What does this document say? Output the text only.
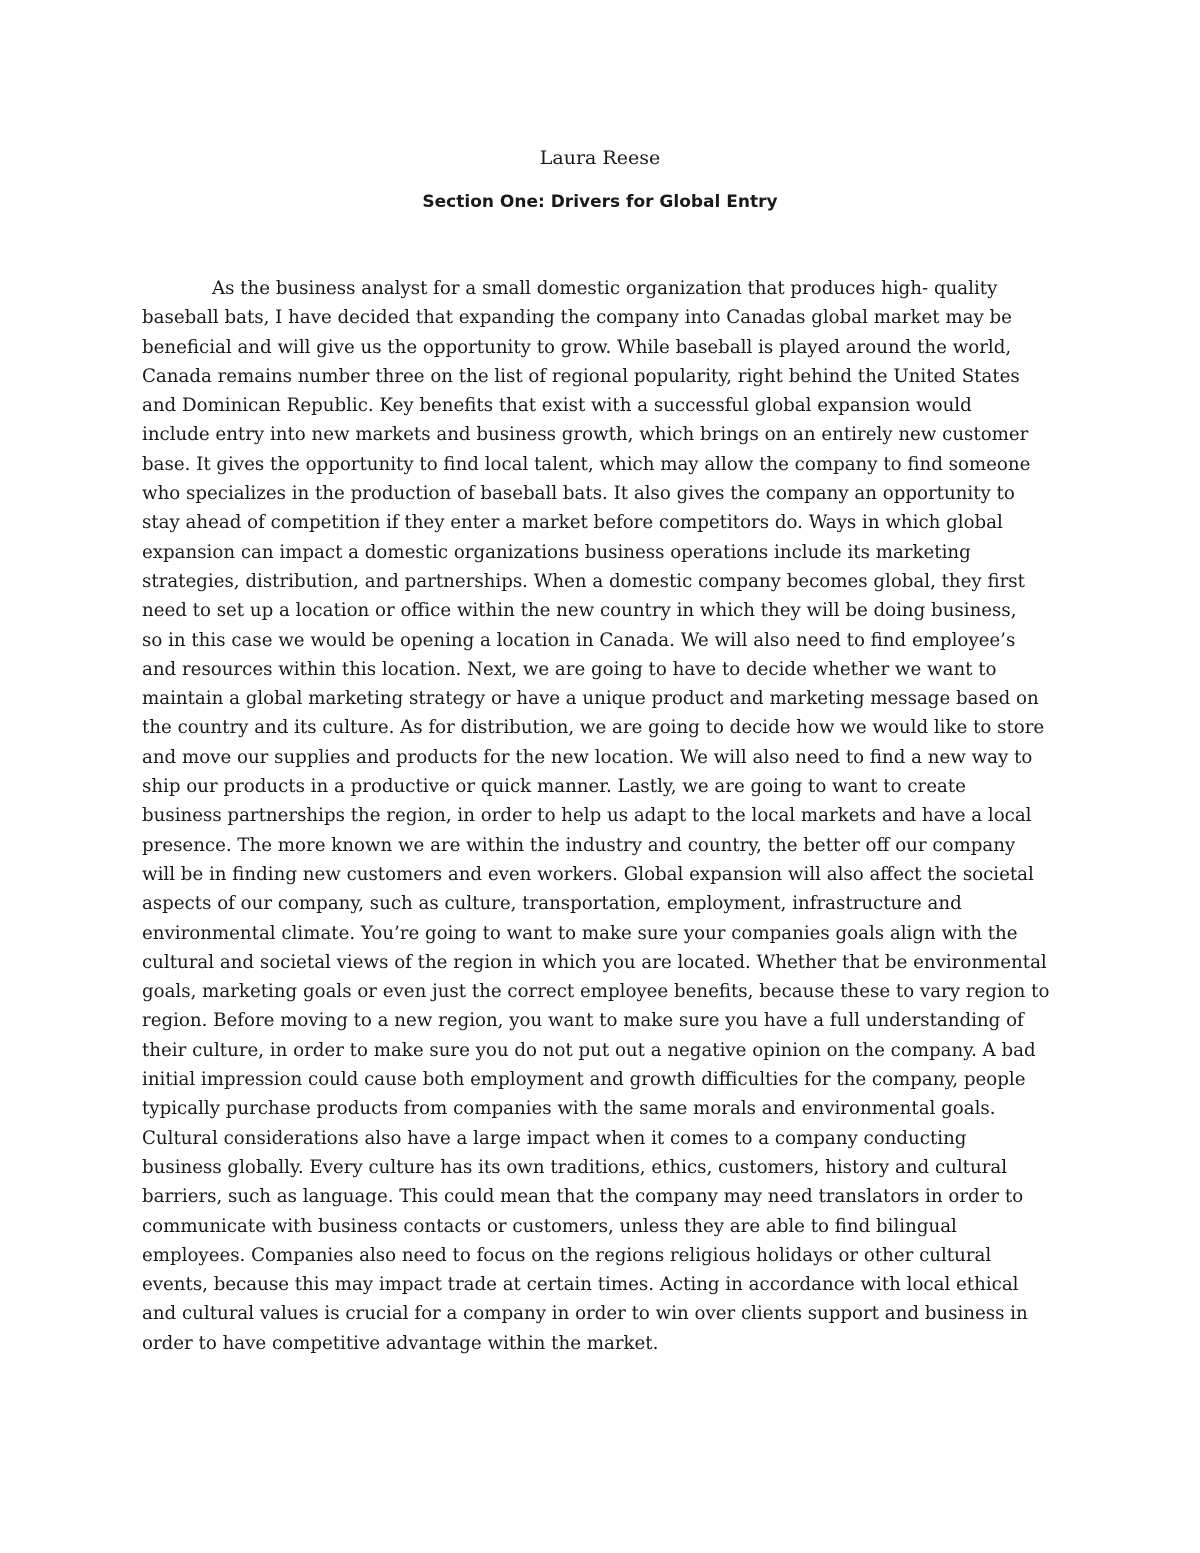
Laura Reese

Section One: Drivers for Global Entry

As the business analyst for a small domestic organization that produces high- quality
baseball bats, I have decided that expanding the company into Canadas global market may be
beneficial and will give us the opportunity to grow. While baseball is played around the world,
Canada remains number three on the list of regional popularity, right behind the United States
and Dominican Republic. Key benefits that exist with a successful global expansion would
include entry into new markets and business growth, which brings on an entirely new customer
base. It gives the opportunity to find local talent, which may allow the company to find someone
who specializes in the production of baseball bats. It also gives the company an opportunity to
stay ahead of competition if they enter a market before competitors do. Ways in which global
expansion can impact a domestic organizations business operations include its marketing
strategies, distribution, and partnerships. When a domestic company becomes global, they first
need to set up a location or office within the new country in which they will be doing business,
so in this case we would be opening a location in Canada. We will also need to find employee’s
and resources within this location. Next, we are going to have to decide whether we want to
maintain a global marketing strategy or have a unique product and marketing message based on
the country and its culture. As for distribution, we are going to decide how we would like to store
and move our supplies and products for the new location. We will also need to find a new way to
ship our products in a productive or quick manner. Lastly, we are going to want to create
business partnerships the region, in order to help us adapt to the local markets and have a local
presence. The more known we are within the industry and country, the better off our company
will be in finding new customers and even workers. Global expansion will also affect the societal
aspects of our company, such as culture, transportation, employment, infrastructure and
environmental climate. You’re going to want to make sure your companies goals align with the
cultural and societal views of the region in which you are located. Whether that be environmental
goals, marketing goals or even just the correct employee benefits, because these to vary region to
region. Before moving to a new region, you want to make sure you have a full understanding of
their culture, in order to make sure you do not put out a negative opinion on the company. A bad
initial impression could cause both employment and growth difficulties for the company, people
typically purchase products from companies with the same morals and environmental goals.
Cultural considerations also have a large impact when it comes to a company conducting
business globally. Every culture has its own traditions, ethics, customers, history and cultural
barriers, such as language. This could mean that the company may need translators in order to
communicate with business contacts or customers, unless they are able to find bilingual
employees. Companies also need to focus on the regions religious holidays or other cultural
events, because this may impact trade at certain times. Acting in accordance with local ethical
and cultural values is crucial for a company in order to win over clients support and business in
order to have competitive advantage within the market.
